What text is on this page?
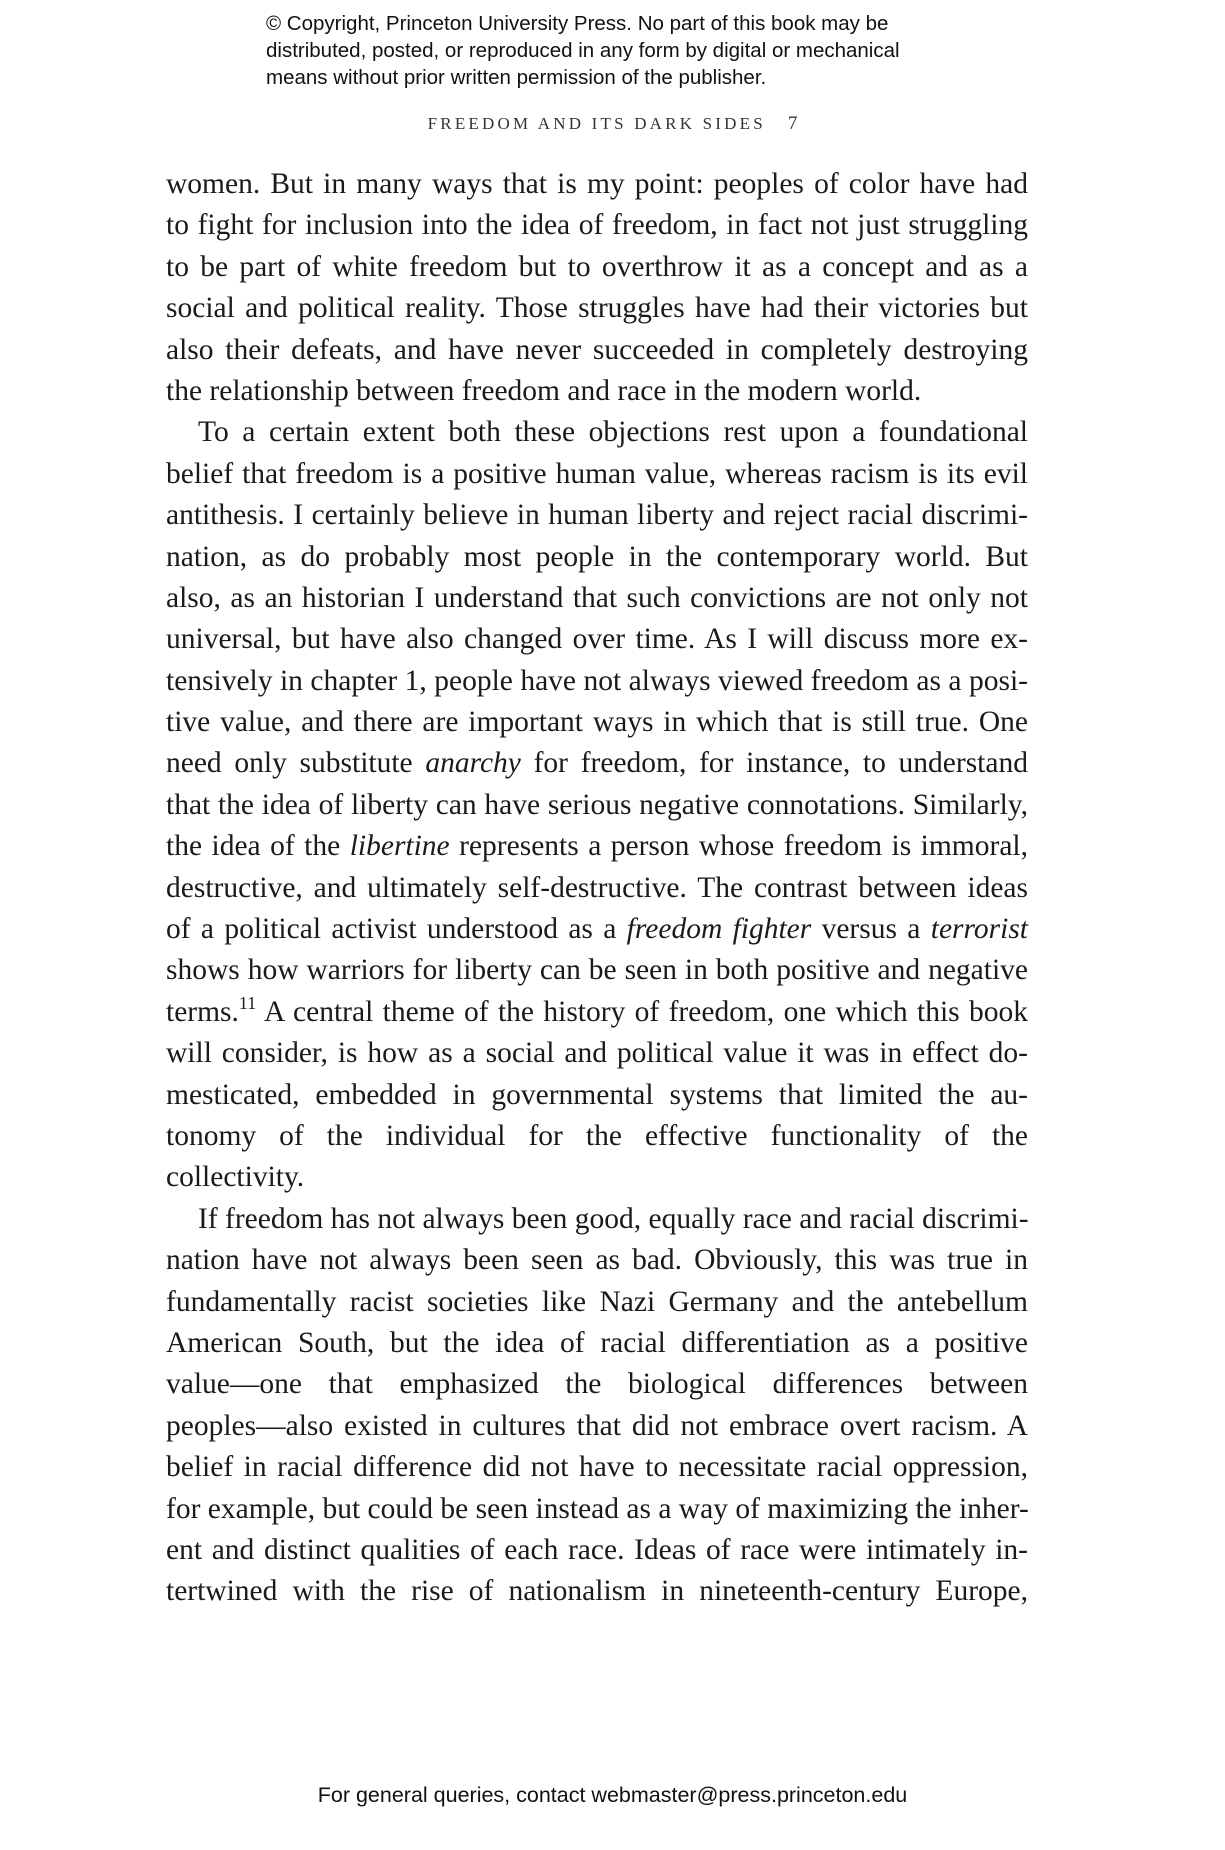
© Copyright, Princeton University Press. No part of this book may be
distributed, posted, or reproduced in any form by digital or mechanical
means without prior written permission of the publisher.
FREEDOM AND ITS DARK SIDES 7
women. But in many ways that is my point: peoples of color have had
to fight for inclusion into the idea of freedom, in fact not just struggling
to be part of white freedom but to overthrow it as a concept and as a
social and political reality. Those struggles have had their victories but
also their defeats, and have never succeeded in completely destroying
the relationship between freedom and race in the modern world.
To a certain extent both these objections rest upon a foundational
belief that freedom is a positive human value, whereas racism is its evil
antithesis. I certainly believe in human liberty and reject racial discrimi-
nation, as do probably most people in the contemporary world. But
also, as an historian I understand that such convictions are not only not
universal, but have also changed over time. As I will discuss more ex-
tensively in chapter 1, people have not always viewed freedom as a posi-
tive value, and there are important ways in which that is still true. One
need only substitute anarchy for freedom, for instance, to understand
that the idea of liberty can have serious negative connotations. Similarly,
the idea of the libertine represents a person whose freedom is immoral,
destructive, and ultimately self-destructive. The contrast between ideas
of a political activist understood as a freedom fighter versus a terrorist
shows how warriors for liberty can be seen in both positive and negative
terms.$^{11}$ A central theme of the history of freedom, one which this book
will consider, is how as a social and political value it was in effect do-
mesticated, embedded in governmental systems that limited the au-
tonomy of the individual for the effective functionality of the
collectivity.
If freedom has not always been good, equally race and racial discrimi-
nation have not always been seen as bad. Obviously, this was true in
fundamentally racist societies like Nazi Germany and the antebellum
American South, but the idea of racial differentiation as a positive
value—one that emphasized the biological differences between
peoples—also existed in cultures that did not embrace overt racism. A
belief in racial difference did not have to necessitate racial oppression,
for example, but could be seen instead as a way of maximizing the inher-
ent and distinct qualities of each race. Ideas of race were intimately in-
tertwined with the rise of nationalism in nineteenth-century Europe,
For general queries, contact webmaster@press.princeton.edu
